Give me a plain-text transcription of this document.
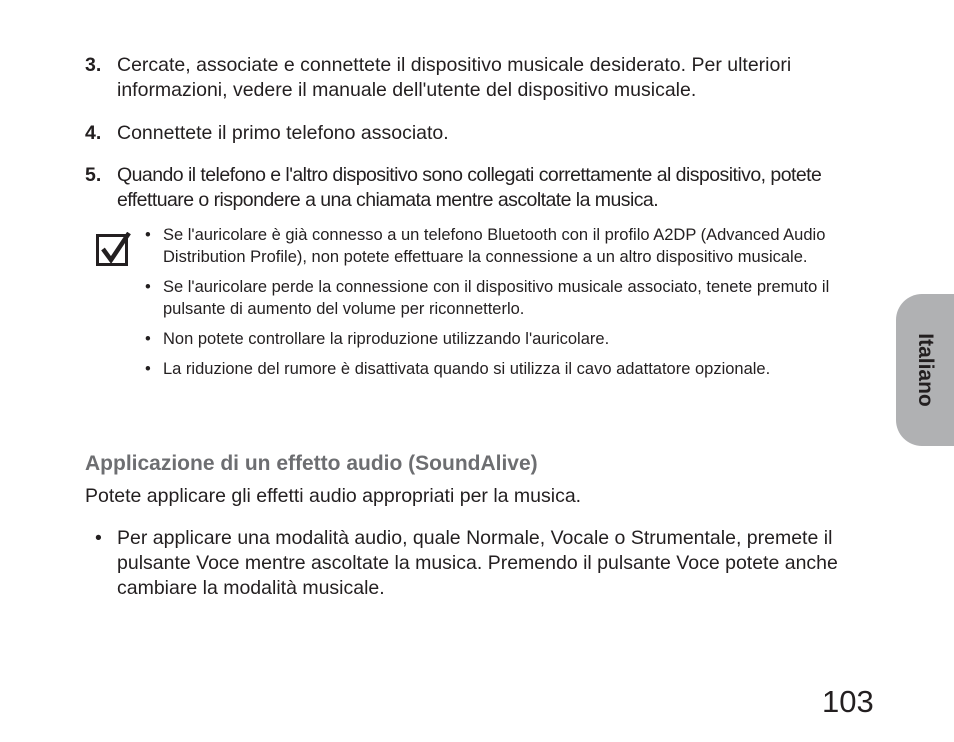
3. Cercate, associate e connettete il dispositivo musicale desiderato. Per ulteriori informazioni, vedere il manuale dell'utente del dispositivo musicale.
4. Connettete il primo telefono associato.
5. Quando il telefono e l'altro dispositivo sono collegati correttamente al dispositivo, potete effettuare o rispondere a una chiamata mentre ascoltate la musica.
• Se l'auricolare è già connesso a un telefono Bluetooth con il profilo A2DP (Advanced Audio Distribution Profile), non potete effettuare la connessione a un altro dispositivo musicale.
• Se l'auricolare perde la connessione con il dispositivo musicale associato, tenete premuto il pulsante di aumento del volume per riconnetterlo.
• Non potete controllare la riproduzione utilizzando l'auricolare.
• La riduzione del rumore è disattivata quando si utilizza il cavo adattatore opzionale.
Applicazione di un effetto audio (SoundAlive)
Potete applicare gli effetti audio appropriati per la musica.
• Per applicare una modalità audio, quale Normale, Vocale o Strumentale, premete il pulsante Voce mentre ascoltate la musica. Premendo il pulsante Voce potete anche cambiare la modalità musicale.
Italiano
103
